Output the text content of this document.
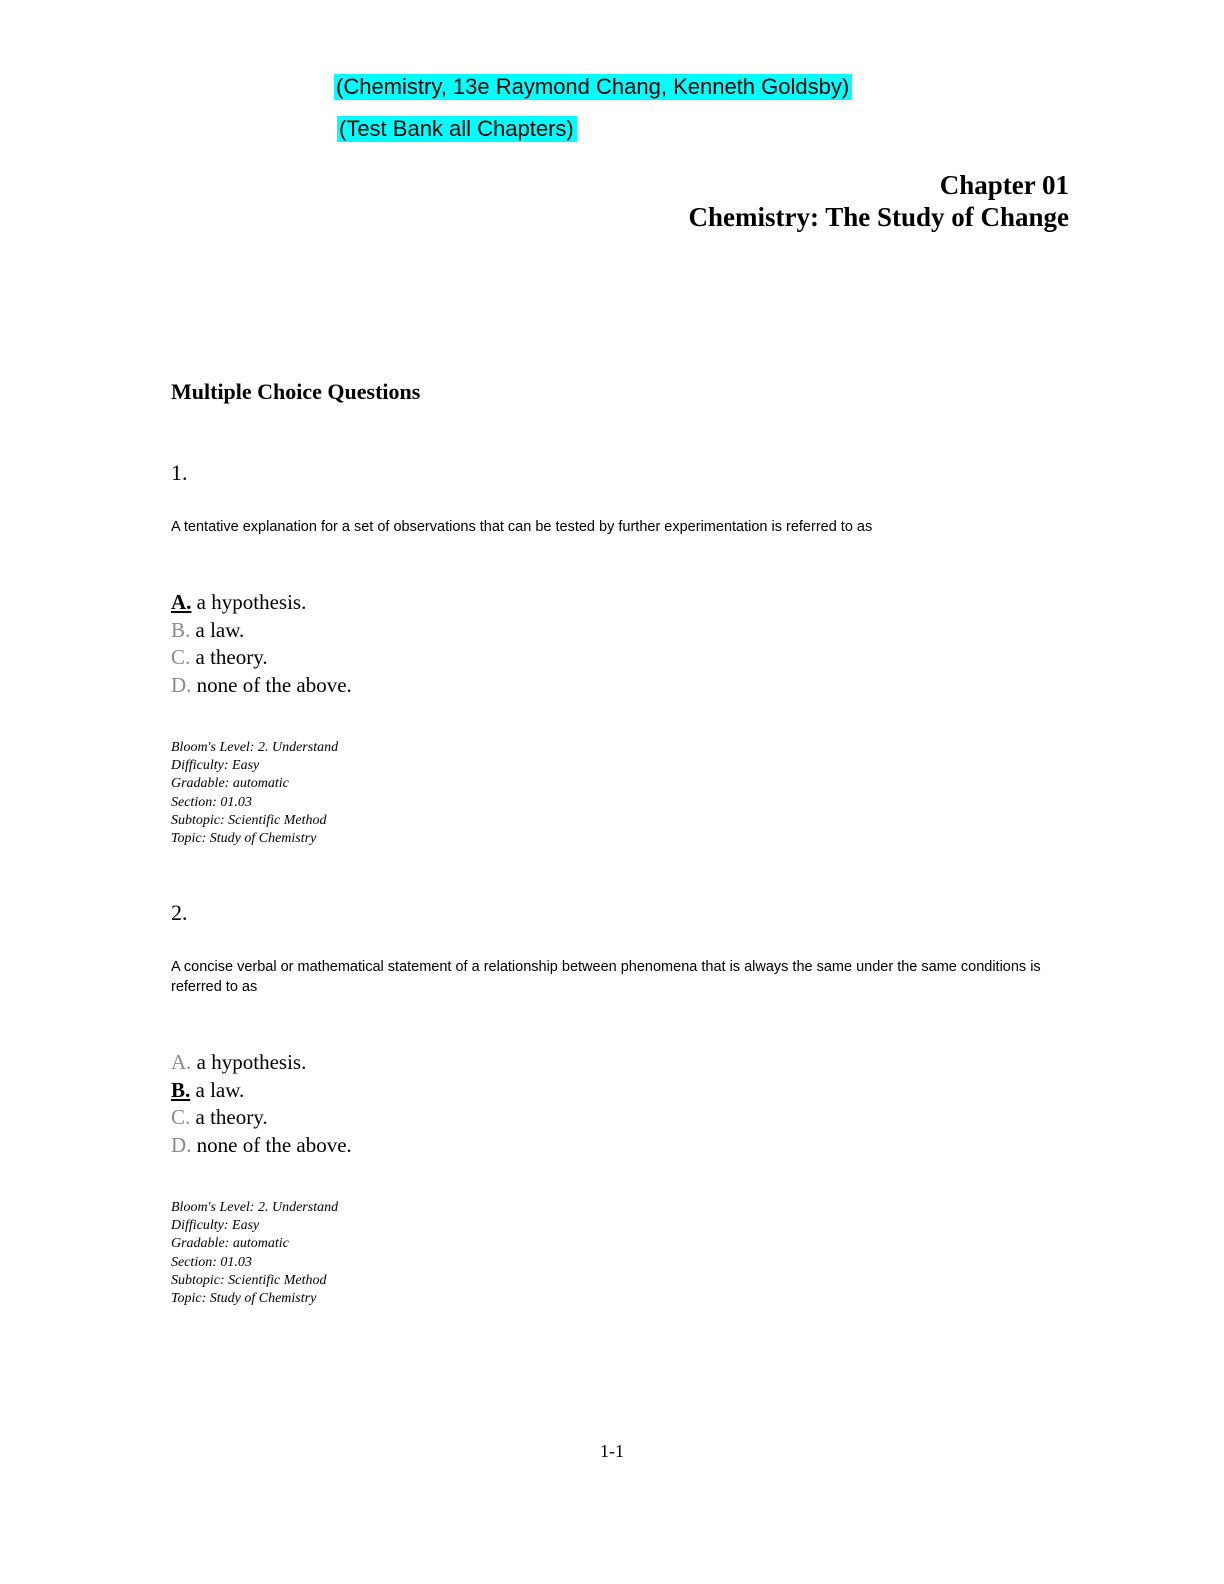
(Chemistry, 13e Raymond Chang, Kenneth Goldsby)
(Test Bank all Chapters)
Chapter 01
Chemistry: The Study of Change
Multiple Choice Questions
1.
A tentative explanation for a set of observations that can be tested by further experimentation is referred to as
A. a hypothesis.
B. a law.
C. a theory.
D. none of the above.
Bloom's Level: 2. Understand
Difficulty: Easy
Gradable: automatic
Section: 01.03
Subtopic: Scientific Method
Topic: Study of Chemistry
2.
A concise verbal or mathematical statement of a relationship between phenomena that is always the same under the same conditions is referred to as
A. a hypothesis.
B. a law.
C. a theory.
D. none of the above.
Bloom's Level: 2. Understand
Difficulty: Easy
Gradable: automatic
Section: 01.03
Subtopic: Scientific Method
Topic: Study of Chemistry
1-1
